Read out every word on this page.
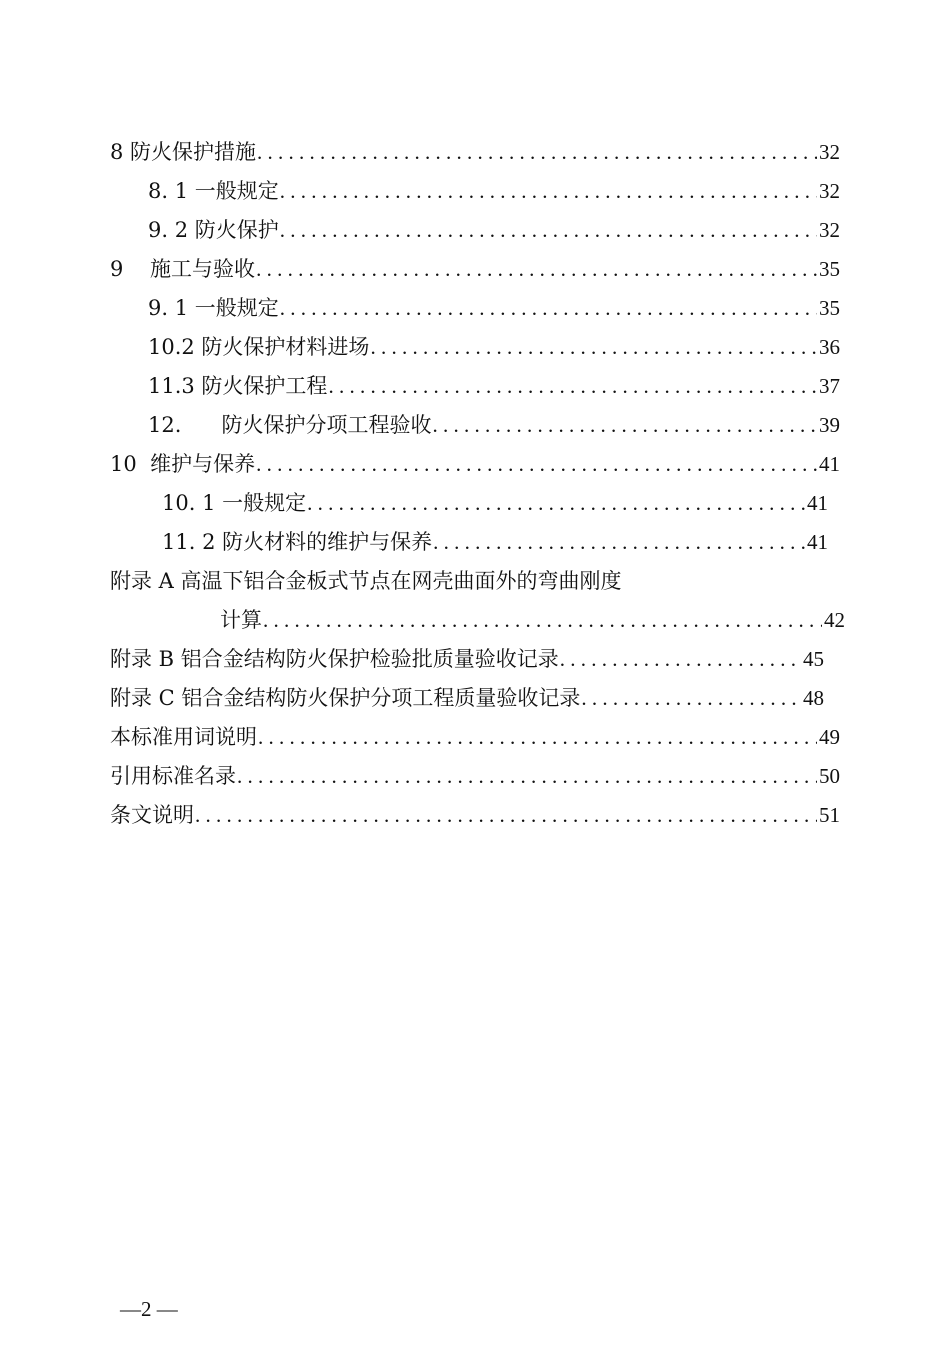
8 防火保护措施 . . .	32
8. 1 一般规定 . . .	32
9. 2 防火保护 . . .	32
9    施工与验收 . . .	35
9. 1 一般规定 . . .	35
10.2 防火保护材料进场 . . .	36
11.3 防火保护工程 . . .	37
12.      防火保护分项工程验收 . . .	39
10  维护与保养 . . .	41
10. 1 一般规定 . . .	41
11. 2 防火材料的维护与保养 . . .	41
附录 A 高温下铝合金板式节点在网壳曲面外的弯曲刚度
计算 . . .	42
附录 B 铝合金结构防火保护检验批质量验收记录 . . .	45
附录 C 铝合金结构防火保护分项工程质量验收记录 . . .	48
本标准用词说明 . . .	49
引用标准名录 . . .	50
条文说明 . . .	51
—2 —
